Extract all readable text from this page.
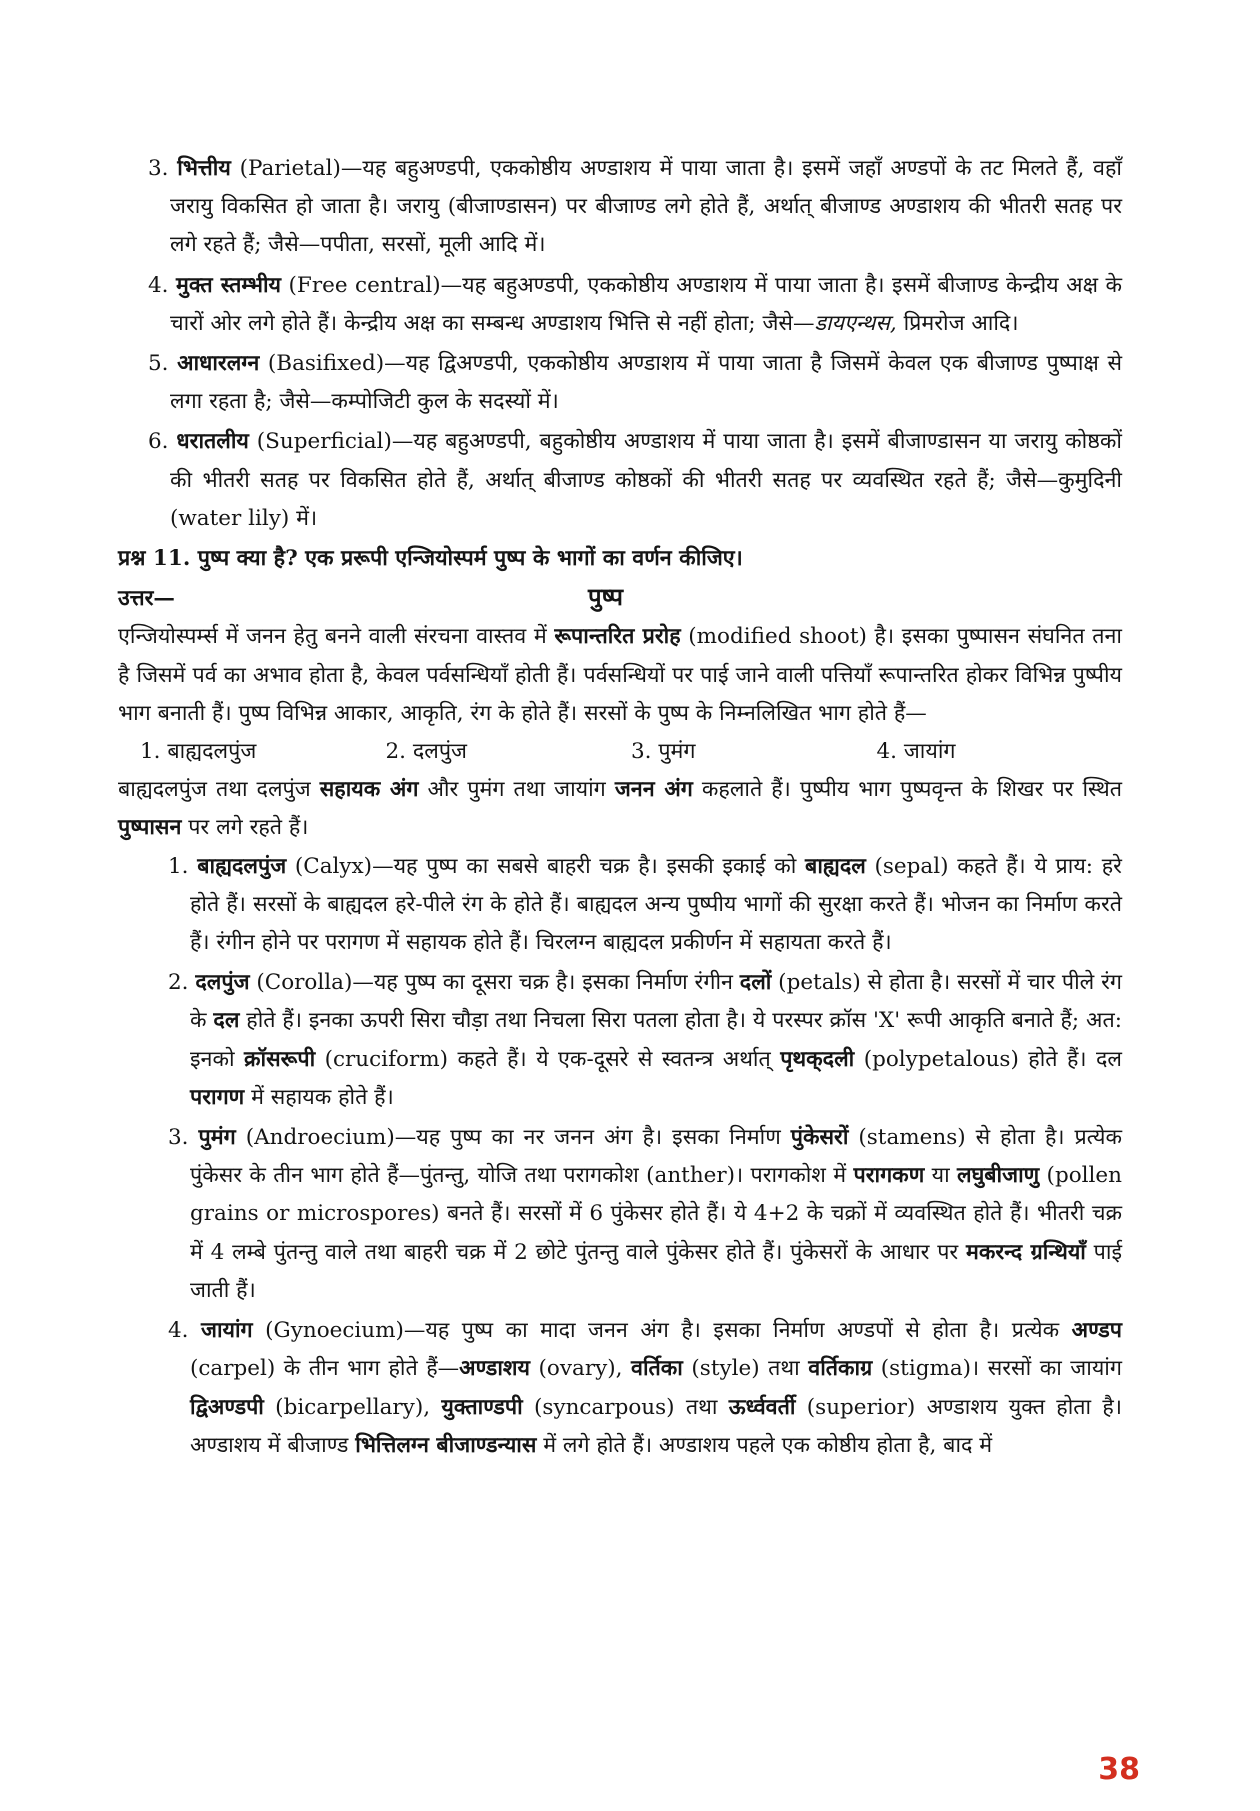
3. भित्तीय (Parietal)—यह बहुअण्डपी, एककोष्ठीय अण्डाशय में पाया जाता है। इसमें जहाँ अण्डपों के तट मिलते हैं, वहाँ जरायु विकसित हो जाता है। जरायु (बीजाण्डासन) पर बीजाण्ड लगे होते हैं, अर्थात् बीजाण्ड अण्डाशय की भीतरी सतह पर लगे रहते हैं; जैसे—पपीता, सरसों, मूली आदि में।
4. मुक्त स्तम्भीय (Free central)—यह बहुअण्डपी, एककोष्ठीय अण्डाशय में पाया जाता है। इसमें बीजाण्ड केन्द्रीय अक्ष के चारों ओर लगे होते हैं। केन्द्रीय अक्ष का सम्बन्ध अण्डाशय भित्ति से नहीं होता; जैसे—डायएन्थस, प्रिमरोज आदि।
5. आधारलग्न (Basifixed)—यह द्विअण्डपी, एककोष्ठीय अण्डाशय में पाया जाता है जिसमें केवल एक बीजाण्ड पुष्पाक्ष से लगा रहता है; जैसे—कम्पोजिटी कुल के सदस्यों में।
6. धरातलीय (Superficial)—यह बहुअण्डपी, बहुकोष्ठीय अण्डाशय में पाया जाता है। इसमें बीजाण्डासन या जरायु कोष्ठकों की भीतरी सतह पर विकसित होते हैं, अर्थात् बीजाण्ड कोष्ठकों की भीतरी सतह पर व्यवस्थित रहते हैं; जैसे—कुमुदिनी (water lily) में।
प्रश्न 11. पुष्प क्या है? एक प्ररूपी एन्जियोस्पर्म पुष्प के भागों का वर्णन कीजिए।
उत्तर—	पुष्प
एन्जियोस्पर्म्स में जनन हेतु बनने वाली संरचना वास्तव में रूपान्तरित प्ररोह (modified shoot) है। इसका पुष्पासन संघनित तना है जिसमें पर्व का अभाव होता है, केवल पर्वसन्धियाँ होती हैं। पर्वसन्धियों पर पाई जाने वाली पत्तियाँ रूपान्तरित होकर विभिन्न पुष्पीय भाग बनाती हैं। पुष्प विभिन्न आकार, आकृति, रंग के होते हैं। सरसों के पुष्प के निम्नलिखित भाग होते हैं—
1. बाह्यदलपुंज	2. दलपुंज	3. पुमंग	4. जायांग
बाह्यदलपुंज तथा दलपुंज सहायक अंग और पुमंग तथा जायांग जनन अंग कहलाते हैं। पुष्पीय भाग पुष्पवृन्त के शिखर पर स्थित पुष्पासन पर लगे रहते हैं।
1. बाह्यदलपुंज (Calyx)—यह पुष्प का सबसे बाहरी चक्र है। इसकी इकाई को बाह्यदल (sepal) कहते हैं। ये प्राय: हरे होते हैं। सरसों के बाह्यदल हरे-पीले रंग के होते हैं। बाह्यदल अन्य पुष्पीय भागों की सुरक्षा करते हैं। भोजन का निर्माण करते हैं। रंगीन होने पर परागण में सहायक होते हैं। चिरलग्न बाह्यदल प्रकीर्णन में सहायता करते हैं।
2. दलपुंज (Corolla)—यह पुष्प का दूसरा चक्र है। इसका निर्माण रंगीन दलों (petals) से होता है। सरसों में चार पीले रंग के दल होते हैं। इनका ऊपरी सिरा चौड़ा तथा निचला सिरा पतला होता है। ये परस्पर क्रॉस 'X' रूपी आकृति बनाते हैं; अत: इनको क्रॉसरूपी (cruciform) कहते हैं। ये एक-दूसरे से स्वतन्त्र अर्थात् पृथक्‌दली (polypetalous) होते हैं। दल परागण में सहायक होते हैं।
3. पुमंग (Androecium)—यह पुष्प का नर जनन अंग है। इसका निर्माण पुंकेसरों (stamens) से होता है। प्रत्येक पुंकेसर के तीन भाग होते हैं—पुंतन्तु, योजि तथा परागकोश (anther)। परागकोश में परागकण या लघुबीजाणु (pollen grains or microspores) बनते हैं। सरसों में 6 पुंकेसर होते हैं। ये 4+2 के चक्रों में व्यवस्थित होते हैं। भीतरी चक्र में 4 लम्बे पुंतन्तु वाले तथा बाहरी चक्र में 2 छोटे पुंतन्तु वाले पुंकेसर होते हैं। पुंकेसरों के आधार पर मकरन्द ग्रन्थियाँ पाई जाती हैं।
4. जायांग (Gynoecium)—यह पुष्प का मादा जनन अंग है। इसका निर्माण अण्डपों से होता है। प्रत्येक अण्डप (carpel) के तीन भाग होते हैं—अण्डाशय (ovary), वर्तिका (style) तथा वर्तिकाग्र (stigma)। सरसों का जायांग द्विअण्डपी (bicarpellary), युक्ताण्डपी (syncarpous) तथा ऊर्ध्ववर्ती (superior) अण्डाशय युक्त होता है। अण्डाशय में बीजाण्ड भित्तिलग्न बीजाण्डन्यास में लगे होते हैं। अण्डाशय पहले एक कोष्ठीय होता है, बाद में
38
